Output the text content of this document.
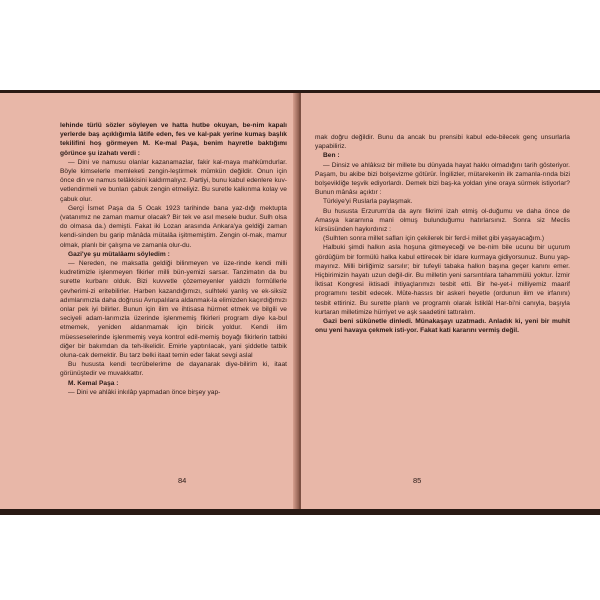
lehinde türlü sözler söyleyen ve hatta hutbe okuyan, be-nim kapalı yerlerde baş açıklığımla lâtife eden, fes ve kal-pak yerine kumaş başlık tekilifini hoş görmeyen M. Ke-mal Paşa, benim hayretle baktığımı görünce şu izahatı verdi :

— Dini ve namusu olanlar kazanamazlar, fakir kal-maya mahkûmdurlar. Böyle kimselerle memleketi zengin-leştirmek mümkün değildir. Onun için önce din ve namus telâkkisini kaldırmalıyız. Partiyi, bunu kabul edenlere kuv-vetlendirmeli ve bunları çabuk zengin etmeliyiz. Bu suretle kalkınma kolay ve çabuk olur.

Gerçi İsmet Paşa da 5 Ocak 1923 tarihinde bana yaz-dığı mektupta (vatanımız ne zaman mamur olacak? Bir tek ve asıl mesele budur. Sulh olsa do olmasa da.) demişti. Fakat iki Lozan arasında Ankara'ya geldiği zaman kendi-sinden bu garip mânâda mütalâa işitmemiştim. Zengin ol-mak, mamur olmak, planlı bir çalışma ve zamanla olur-du.

Gazi'ye şu mütalâamı söyledim :

— Nereden, ne maksatla geldiği bilinmeyen ve üze-rinde kendi milli kudretimizle işlenmeyen fikirler milli bün-yemizi sarsar. Tanzimatın da bu surette kurbanı olduk. Bizi kuvvetle çözemeyenler yaldızlı formüllerle çevherimi-zi eritebilirler. Harben kazandığımızı, sulhteki yanlış ve ek-siksiz adımlarımızla daha doğrusu Avrupalılara aldanmak-la elimizden kaçırdığımızı onlar pek iyi bilirler. Bunun için ilim ve ihtisasa hürmet etmek ve bilgili ve seciyeli adam-larımızla üzerinde işlenmemiş fikirleri program diye ka-bul etmemek, yeniden aldanmamak için biricik yoldur. Kendi ilim müesseselerinde işlenmemiş veya kontrol edil-memiş boyağı fikirlerin tatbiki diğer bir bakımdan da teh-likelidir. Emirle yaptırılacak, yani şiddetle tatbik oluna-cak demektir. Bu tarz belki itaat temin eder fakat sevgi aslal

Bu hususta kendi tecrübelerime de dayanarak diye-bilirim ki, itaat görünüştedir ve muvakkattır.

M. Kemal Paşa :

— Dini ve ahlâki inkılâp yapmadan önce birşey yap-

84

mak doğru değildir. Bunu da ancak bu prensibi kabul ede-bilecek genç unsurlarla yapabiliriz.

Ben :

— Dinsiz ve ahlâksız bir millete bu dünyada hayat hakkı olmadığını tarih gösteriyor. Paşam, bu akibe bizi bolşevizme götürür. İngilizler, mütarekenin ilk zamanla-rında bizi bolşevikliğe teşvik ediyorlardı. Demek bizi baş-ka yoldan yine oraya sürmek istiyorlar? Bunun mânâsı açıktır :

Türkiye'yi Ruslarla paylaşmak.

Bu hususta Erzurum'da da aynı fikrimi izah etmiş ol-duğumu ve daha önce de Amasya kararnına mani olmuş bulunduğumu hatırlarsınız. Sonra siz Meclis kürsüsünden haykırdınız :

(Sulhten sonra millet safları için çekilerek bir ferd-i millet gibi yaşayacağım.)

Halbuki şimdi halkın asla hoşuna gitmeyeceği ve be-nim bile ucunu bir uçurum gördüğüm bir formülü halka kabul ettirecek bir idare kurmaya gidiyorsunuz. Bunu yap-mayınız. Milli birliğimiz sarsılır; bir tufeyli tabaka halkın başına geçer kanını emer. Hiçbirimizin hayatı uzun değil-dir. Bu milletin yeni sarsıntılara tahammülü yoktur. İzmir İktisat Kongresi iktisadi ihtiyaçlarımızı tesbit etti. Bir he-yet-i milliyemiz maarif programını tesbit edecek. Müte-hassıs bir askeri heyetle (ordunun ilim ve irfanını) tesbit ettiriniz. Bu surette planlı ve programlı olarak İstiklâl Har-bi'ni canıyla, başıyla kurtaran milletimize hürriyet ve aşk saadetini tattıralım.

Gazi beni sükûnetle dinledi. Münakaşayı uzatmadı. Anladık ki, yeni bir muhit onu yeni havaya çekmek isti-yor. Fakat kati kararını vermiş değil.

85
